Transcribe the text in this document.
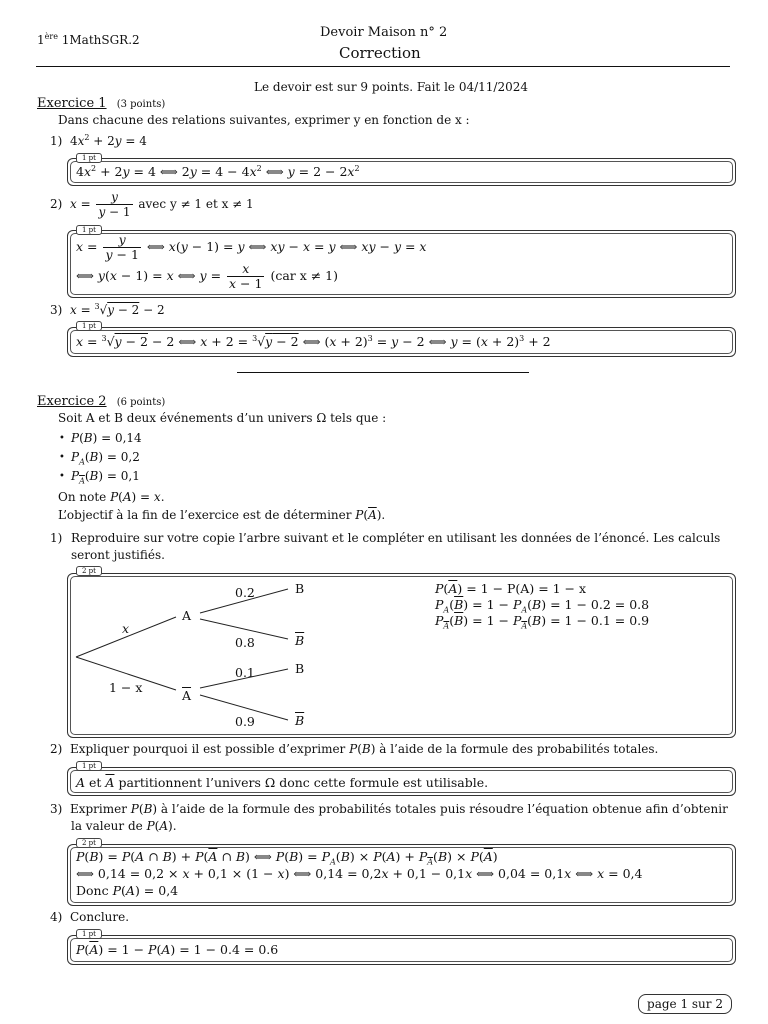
1ère 1MathSGR.2	Devoir Maison n° 2
Correction
Le devoir est sur 9 points. Fait le 04/11/2024
Exercice 1 (3 points)
Dans chacune des relations suivantes, exprimer y en fonction de x :
1)  $4x^2 + 2y = 4$
1 pt
$4x^2 + 2y = 4$ ⟺ $2y = 4 - 4x^2$ ⟺ $y = 2 - 2x^2$
2) $x = \frac{y}{y - 1}$ avec y ≠ 1 et x ≠ 1
1 pt
$x = \frac{y}{y - 1}$ ⟺ x(y − 1) = y ⟺ xy − x = y ⟺ xy − y = x
⟺ y(x − 1) = x ⟺ $y = \frac{x}{x - 1} (car$ x ≠ 1)
3) x = $^3$√y − 2 − 2
1 pt
x = $^3$√y − 2 − 2 ⟺ x + 2 = $^3$√y − 2 ⟺ $(x + 2)^3 = y - 2$ ⟺ $y = (x + 2)^3 + 2$
Exercice 2 (6 points)
Soit A et B deux événements d’un univers Ω tels que :
• P(B) = 0,14
• $P_A(B) = 0,2$
• $P_{\overline{A}}(B) = 0,1$
On note P(A) = x.
L’objectif à la fin de l’exercice est de déterminer $P(\overline{A})$.
1) Reproduire sur votre copie l’arbre suivant et le compléter en utilisant les données de l’énoncé. Les calculs
seront justifiés.
2 pt
x
1 − x
A
$\overline{A}$
0.2
0.8
0.1
0.9
B
$\overline{B}$
B
$\overline{B}$
$P(\overline{A}) = 1 - P(A) = 1 - x$
$P_A(\overline{B}) = 1 - P_A(B) = 1 - 0.2 = 0.8$
$P_{\overline{A}}(\overline{B}) = 1 - P_{\overline{A}}(B) = 1 - 0.1 = 0.9$
2) Expliquer pourquoi il est possible d’exprimer P(B) à l’aide de la formule des probabilités totales.
1 pt
A et $\overline{A}$ partitionnent l’univers Ω donc cette formule est utilisable.
3) Exprimer P(B) à l’aide de la formule des probabilités totales puis résoudre l’équation obtenue afin d’obtenir
la valeur de P(A).
2 pt
P(B) = P(A ∩ $B) + P(\overline{A}$ ∩ B) ⟺ $P(B) = P_A(B) \times P(A) + P_{\overline{A}}(B) \times P(\overline{A})$
⟺ 0,14 = 0,2 × x + 0,1 × (1 − x) ⟺ 0,14 = 0,2x + 0,1 − 0,1x ⟺ 0,04 = 0,1x ⟺ x = 0,4
Donc P(A) = 0,4
4) Conclure.
1 pt
$P(\overline{A}) = 1 - P(A) = 1 - 0.4 = 0.6$
page 1 sur 2
